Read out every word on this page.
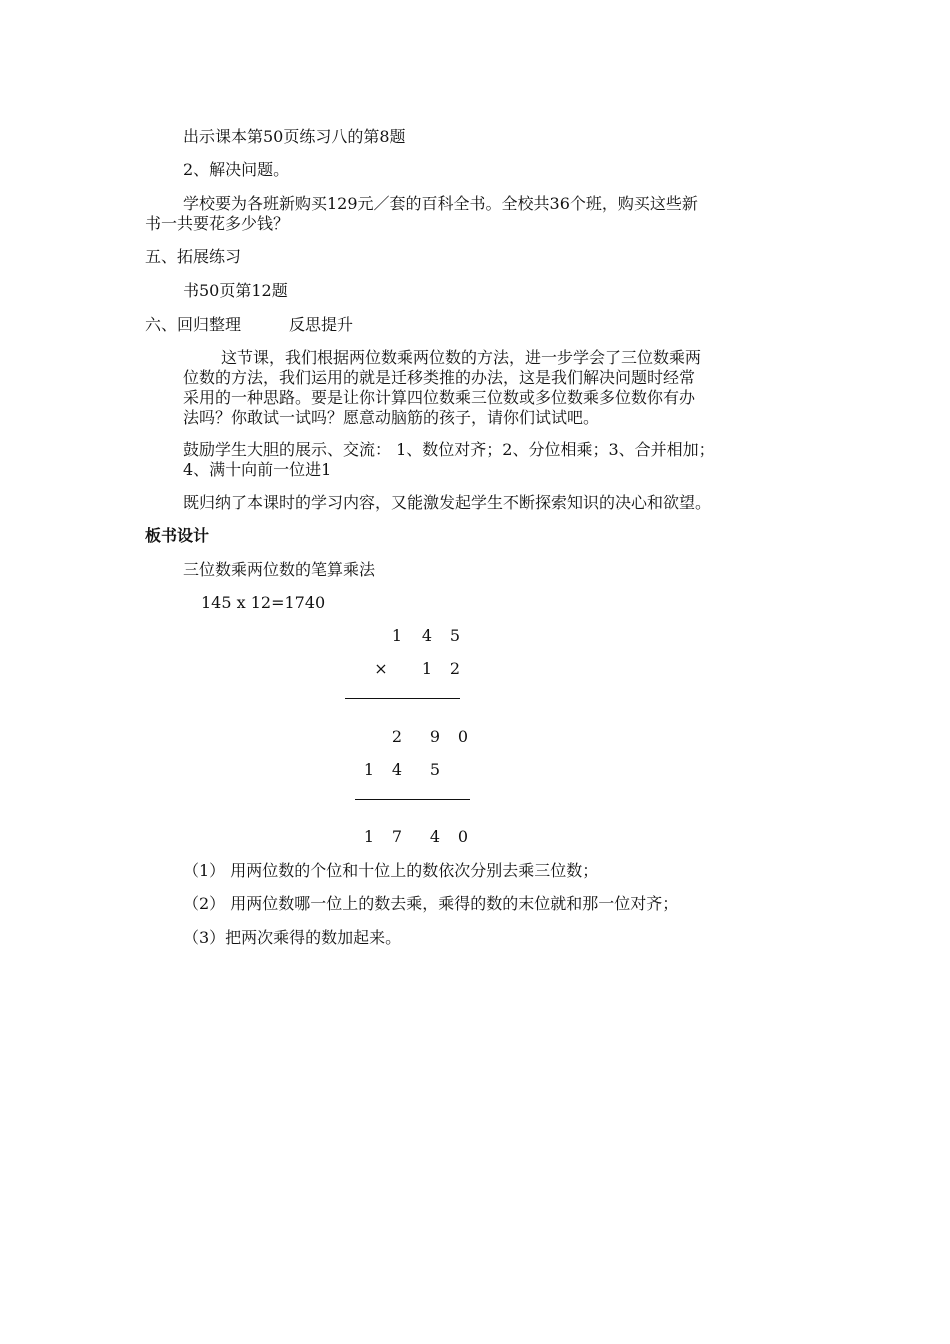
出示课本第50页练习八的第8题
2、解决问题。
学校要为各班新购买129元／套的百科全书。全校共36个班，购买这些新
书一共要花多少钱？
五、拓展练习
书50页第12题
六、回归整理	反思提升
这节课，我们根据两位数乘两位数的方法，进一步学会了三位数乘两
位数的方法，我们运用的就是迁移类推的办法，这是我们解决问题时经常
采用的一种思路。要是让你计算四位数乘三位数或多位数乘多位数你有办
法吗？你敢试一试吗？愿意动脑筋的孩子，请你们试试吧。
鼓励学生大胆的展示、交流： 1、数位对齐；2、分位相乘；3、合并相加；
4、满十向前一位进1
既归纳了本课时的学习内容，又能激发起学生不断探索知识的决心和欲望。
板书设计
三位数乘两位数的笔算乘法
145 x 12=1740
1 4 5
× 1 2
2 9 0
1 4 5
1 7 4 0
（1） 用两位数的个位和十位上的数依次分别去乘三位数；
（2） 用两位数哪一位上的数去乘，乘得的数的末位就和那一位对齐；
（3）把两次乘得的数加起来。
